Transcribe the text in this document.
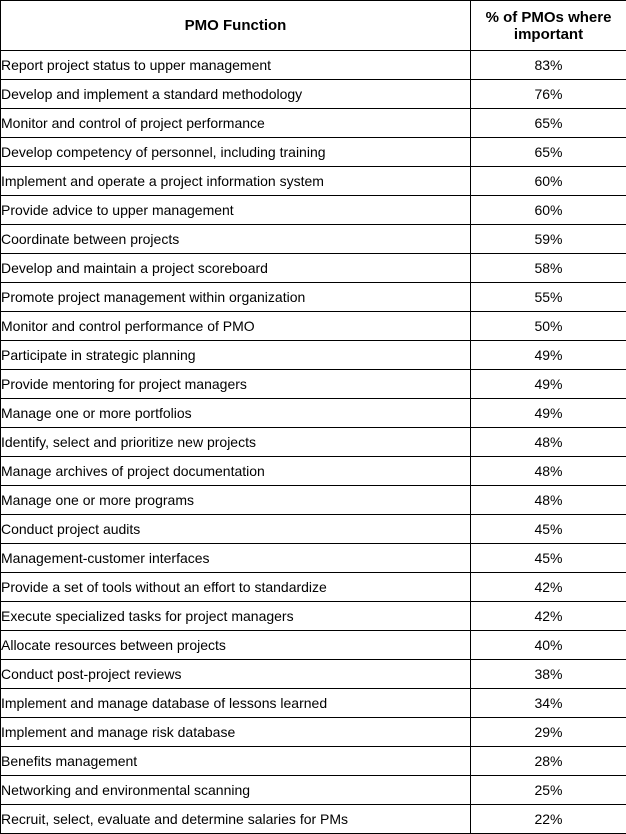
PMO Function	% of PMOs where important
Report project status to upper management	83%
Develop and implement a standard methodology	76%
Monitor and control of project performance	65%
Develop competency of personnel, including training	65%
Implement and operate a project information system	60%
Provide advice to upper management	60%
Coordinate between projects	59%
Develop and maintain a project scoreboard	58%
Promote project management within organization	55%
Monitor and control performance of PMO	50%
Participate in strategic planning	49%
Provide mentoring for project managers	49%
Manage one or more portfolios	49%
Identify, select and prioritize new projects	48%
Manage archives of project documentation	48%
Manage one or more programs	48%
Conduct project audits	45%
Management-customer interfaces	45%
Provide a set of tools without an effort to standardize	42%
Execute specialized tasks for project managers	42%
Allocate resources between projects	40%
Conduct post-project reviews	38%
Implement and manage database of lessons learned	34%
Implement and manage risk database	29%
Benefits management	28%
Networking and environmental scanning	25%
Recruit, select, evaluate and determine salaries for PMs	22%
